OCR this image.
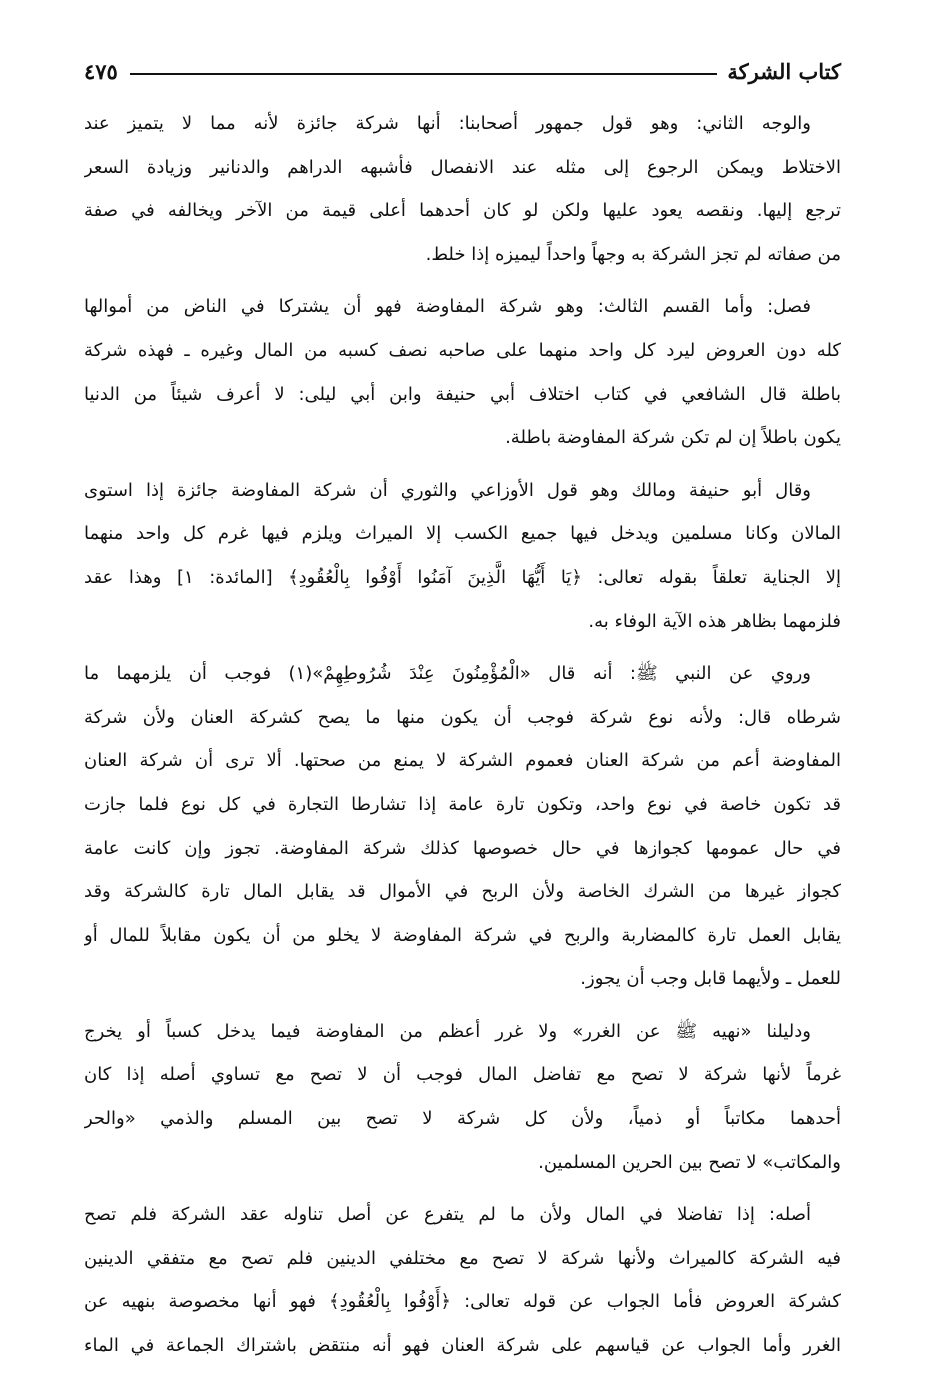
كتاب الشركة
٤٧٥
والوجه الثاني: وهو قول جمهور أصحابنا: أنها شركة جائزة لأنه مما لا يتميز عند
الاختلاط ويمكن الرجوع إلى مثله عند الانفصال فأشبهه الدراهم والدنانير وزيادة السعر
ترجع إليها. ونقصه يعود عليها ولكن لو كان أحدهما أعلى قيمة من الآخر ويخالفه في صفة
من صفاته لم تجز الشركة به وجهاً واحداً ليميزه إذا خلط.
فصل: وأما القسم الثالث: وهو شركة المفاوضة فهو أن يشتركا في الناض من أموالها
كله دون العروض ليرد كل واحد منهما على صاحبه نصف كسبه من المال وغيره ـ فهذه شركة
باطلة قال الشافعي في كتاب اختلاف أبي حنيفة وابن أبي ليلى: لا أعرف شيئاً من الدنيا
يكون باطلاً إن لم تكن شركة المفاوضة باطلة.
وقال أبو حنيفة ومالك وهو قول الأوزاعي والثوري أن شركة المفاوضة جائزة إذا استوى
المالان وكانا مسلمين ويدخل فيها جميع الكسب إلا الميراث ويلزم فيها غرم كل واحد منهما
إلا الجناية تعلقاً بقوله تعالى: ﴿يَا أَيُّهَا الَّذِينَ آمَنُوا أَوْفُوا بِالْعُقُودِ﴾ [المائدة: ١] وهذا عقد
فلزمهما بظاهر هذه الآية الوفاء به.
وروي عن النبي ﷺ: أنه قال «الْمُؤْمِنُونَ عِنْدَ شُرُوطِهِمْ»(١) فوجب أن يلزمهما ما
شرطاه قال: ولأنه نوع شركة فوجب أن يكون منها ما يصح كشركة العنان ولأن شركة
المفاوضة أعم من شركة العنان فعموم الشركة لا يمنع من صحتها. ألا ترى أن شركة العنان
قد تكون خاصة في نوع واحد، وتكون تارة عامة إذا تشارطا التجارة في كل نوع فلما جازت
في حال عمومها كجوازها في حال خصوصها كذلك شركة المفاوضة. تجوز وإن كانت عامة
كجواز غيرها من الشرك الخاصة ولأن الربح في الأموال قد يقابل المال تارة كالشركة وقد
يقابل العمل تارة كالمضاربة والربح في شركة المفاوضة لا يخلو من أن يكون مقابلاً للمال أو
للعمل ـ ولأيهما قابل وجب أن يجوز.
ودليلنا «نهيه ﷺ عن الغرر» ولا غرر أعظم من المفاوضة فيما يدخل كسباً أو يخرج
غرماً لأنها شركة لا تصح مع تفاضل المال فوجب أن لا تصح مع تساوي أصله إذا كان
أحدهما مكاتباً أو ذمياً، ولأن كل شركة لا تصح بين المسلم والذمي «والحر
والمكاتب» لا تصح بين الحرين المسلمين.
أصله: إذا تفاضلا في المال ولأن ما لم يتفرع عن أصل تناوله عقد الشركة فلم تصح
فيه الشركة كالميراث ولأنها شركة لا تصح مع مختلفي الدينين فلم تصح مع متفقي الدينين
كشركة العروض فأما الجواب عن قوله تعالى: ﴿أَوْفُوا بِالْعُقُودِ﴾ فهو أنها مخصوصة بنهيه عن
الغرر وأما الجواب عن قياسهم على شركة العنان فهو أنه منتقض باشتراك الجماعة في الماء
